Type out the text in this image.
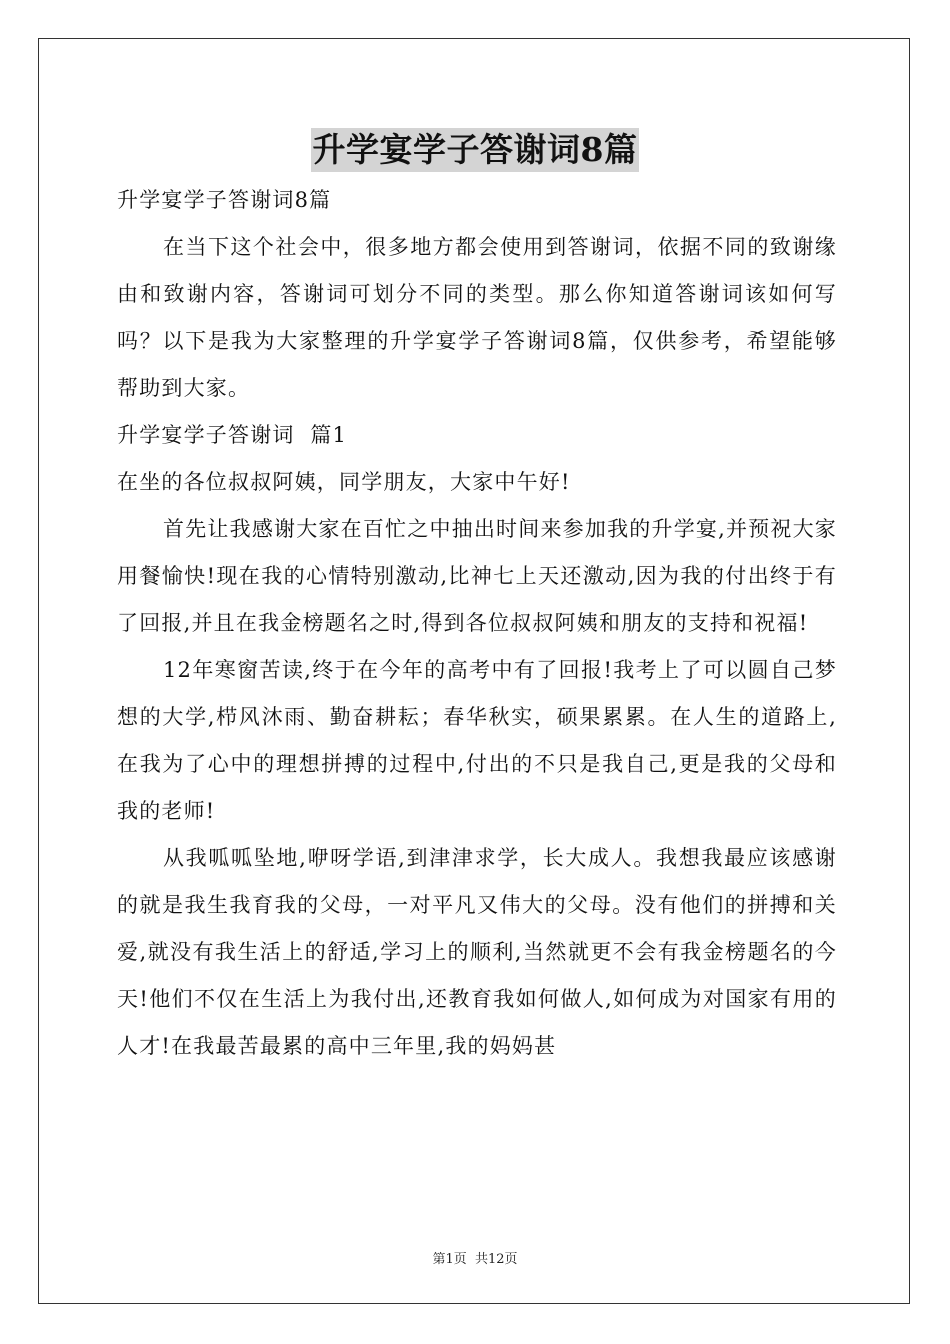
升学宴学子答谢词8篇

升学宴学子答谢词8篇

在当下这个社会中，很多地方都会使用到答谢词，依据不同的致谢缘由和致谢内容，答谢词可划分不同的类型。那么你知道答谢词该如何写吗？以下是我为大家整理的升学宴学子答谢词8篇，仅供参考，希望能够帮助到大家。

升学宴学子答谢词  篇1

在坐的各位叔叔阿姨，同学朋友，大家中午好!

首先让我感谢大家在百忙之中抽出时间来参加我的升学宴,并预祝大家用餐愉快!现在我的心情特别激动,比神七上天还激动,因为我的付出终于有了回报,并且在我金榜题名之时,得到各位叔叔阿姨和朋友的支持和祝福!

12年寒窗苦读,终于在今年的高考中有了回报!我考上了可以圆自己梦想的大学,栉风沐雨、勤奋耕耘；春华秋实，硕果累累。在人生的道路上,在我为了心中的理想拼搏的过程中,付出的不只是我自己,更是我的父母和我的老师!

从我呱呱坠地,咿呀学语,到津津求学，长大成人。我想我最应该感谢的就是我生我育我的父母，一对平凡又伟大的父母。没有他们的拼搏和关爱,就没有我生活上的舒适,学习上的顺利,当然就更不会有我金榜题名的今天!他们不仅在生活上为我付出,还教育我如何做人,如何成为对国家有用的人才!在我最苦最累的高中三年里,我的妈妈甚

第1页  共12页
